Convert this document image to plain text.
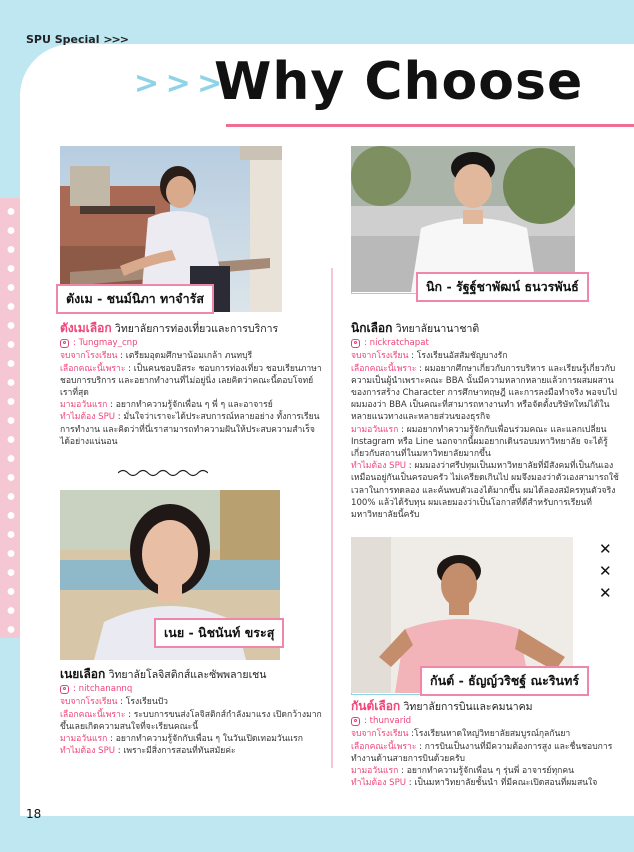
SPU Special >>>
> > >
Why Choose
ตังเม - ชนม์นิภา ทาจำรัส
นิก - รัฐฐ์ชาพัฒน์ ธนวรพันธ์
ตังเมเลือก วิทยาลัยการท่องเที่ยวและการบริการ
: Tungmay_cnp
จบจากโรงเรียน : เตรียมอุดมศึกษาน้อมเกล้า ภนทบุรี
เลือกคณะนี้เพราะ : เป็นคนชอบอิสระ ชอบการท่องเที่ยว ชอบเรียนภาษา ชอบการบริการ และอยากทำงานที่ไม่อยู่นิ่ง เลยคิดว่าคณะนี้ตอบโจทย์เราที่สุด
มามอวันแรก : อยากทำความรู้จักเพื่อน ๆ พี่ ๆ และอาจารย์
ทำไมต้อง SPU : มั่นใจว่าเราจะได้ประสบการณ์หลายอย่าง ทั้งการเรียน การทำงาน และคิดว่าที่นี่เราสามารถทำความฝันให้ประสบความสำเร็จได้อย่างแน่นอน
นิกเลือก วิทยาลัยนานาชาติ
: nickratchapat
จบจากโรงเรียน : โรงเรียนอัสสัมชัญบางรัก
เลือกคณะนี้เพราะ : ผมอยากศึกษาเกี่ยวกับการบริหาร และเรียนรู้เกี่ยวกับความเป็นผู้นำเพราะคณะ BBA นั้นมีความหลากหลายแล้วการผสมผสานของการสร้าง Character การศึกษาทฤษฎี และการลงมือทำจริง พอจบไปผมมองว่า BBA เป็นคณะที่สามารถหางานทำ หรือจัดตั้งบริษัทใหม่ได้ในหลายแนวทางและหลายส่วนของธุรกิจ
มามอวันแรก : ผมอยากทำความรู้จักกับเพื่อนร่วมคณะ และแลกเปลี่ยน Instagram หรือ Line นอกจากนี้ผมอยากเดินรอบมหาวิทยาลัย จะได้รู้เกี่ยวกับสถานที่ในมหาวิทยาลัยมากขึ้น
ทำไมต้อง SPU : ผมมองว่าศรีปทุมเป็นมหาวิทยาลัยที่มีสังคมที่เป็นกันเองเหมือนอยู่กันเป็นครอบครัว ไม่เครียดเกินไป ผมจึงมองว่าตัวเองสามารถใช้เวลาในการทดลอง และค้นพบตัวเองได้มากขึ้น ผมได้ลองสมัครทุนตัวจริง 100% แล้วได้รับทุน ผมเลยมองว่าเป็นโอกาสที่ดีสำหรับการเรียนที่มหาวิทยาลัยนี้ครับ
เนย - นิชนันท์ ขระสุ
เนยเลือก วิทยาลัยโลจิสติกส์และซัพพลายเชน
: nitchanannq
จบจากโรงเรียน : โรงเรียนปัว
เลือกคณะนี้เพราะ : ระบบการขนส่งโลจิสติกส์กำลังมาแรง เปิดกว้างมากขึ้นเลยเกิดความสนใจที่จะเรียนคณะนี้
มามอวันแรก : อยากทำความรู้จักกับเพื่อน ๆ ในวันเปิดเทอมวันแรก
ทำไมต้อง SPU : เพราะมีสิ่งการสอนที่ทันสมัยค่ะ
กันต์ - ธัญญ์วริชฐ์ ณะรินทร์
กันต์เลือก วิทยาลัยการบินและคมนาคม
: thunvarid
จบจากโรงเรียน :โรงเรียนหาดใหญ่วิทยาลัยสมบูรณ์กุลกันยา
เลือกคณะนี้เพราะ : การบินเป็นงานที่มีความต้องการสูง และชื่นชอบการทำงานด้านสายการบินด้วยครับ
มามอวันแรก : อยากทำความรู้จักเพื่อน ๆ รุ่นพี่ อาจารย์ทุกคน
ทำไมต้อง SPU : เป็นมหาวิทยาลัยชั้นนำ ที่มีคณะเปิดสอนที่ผมสนใจ
✕
✕
✕
18
